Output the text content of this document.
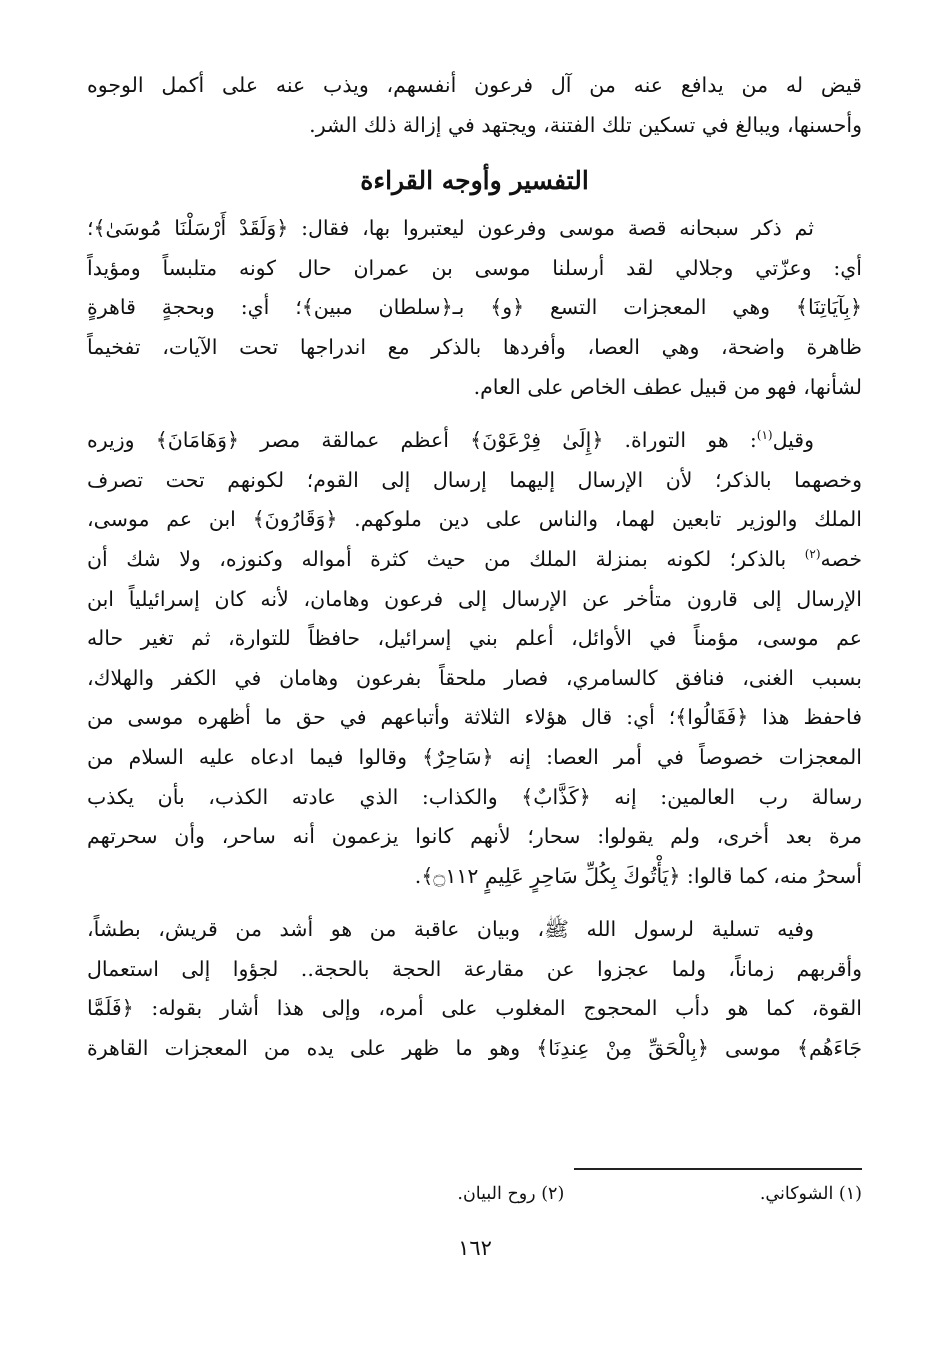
قيض له من يدافع عنه من آل فرعون أنفسهم، ويذب عنه على أكمل الوجوه
وأحسنها، ويبالغ في تسكين تلك الفتنة، ويجتهد في إزالة ذلك الشر.

التفسير وأوجه القراءة

ثم ذكر سبحانه قصة موسى وفرعون ليعتبروا بها، فقال: ﴿وَلَقَدْ أَرْسَلْنَا مُوسَىٰ﴾؛
أي: وعزّتي وجلالي لقد أرسلنا موسى بن عمران حال كونه متلبساً ومؤيداً
﴿بِآيَاتِنَا﴾ وهي المعجزات التسع ﴿و﴾ بـ﴿سلطان مبين﴾؛ أي: وبحجةٍ قاهرةٍ
ظاهرة واضحة، وهي العصا، وأفردها بالذكر مع اندراجها تحت الآيات، تفخيماً
لشأنها، فهو من قبيل عطف الخاص على العام.

وقيل$^{(١)}$: هو التوراة. ﴿إِلَىٰ فِرْعَوْنَ﴾ أعظم عمالقة مصر ﴿وَهَامَانَ﴾ وزيره
وخصهما بالذكر؛ لأن الإرسال إليهما إرسال إلى القوم؛ لكونهم تحت تصرف
الملك والوزير تابعين لهما، والناس على دين ملوكهم. ﴿وَقَارُونَ﴾ ابن عم موسى،
خصه$^{(٢)}$ بالذكر؛ لكونه بمنزلة الملك من حيث كثرة أمواله وكنوزه، ولا شك أن
الإرسال إلى قارون متأخر عن الإرسال إلى فرعون وهامان، لأنه كان إسرائيلياً ابن
عم موسى، مؤمناً في الأوائل، أعلم بني إسرائيل، حافظاً للتوارة، ثم تغير حاله
بسبب الغنى، فنافق كالسامري، فصار ملحقاً بفرعون وهامان في الكفر والهلاك،
فاحفظ هذا ﴿فَقَالُوا﴾؛ أي: قال هؤلاء الثلاثة وأتباعهم في حق ما أظهره موسى من
المعجزات خصوصاً في أمر العصا: إنه ﴿سَاحِرٌ﴾ وقالوا فيما ادعاه عليه السلام من
رسالة رب العالمين: إنه ﴿كَذَّابٌ﴾ والكذاب: الذي عادته الكذب، بأن يكذب
مرة بعد أخرى، ولم يقولوا: سحار؛ لأنهم كانوا يزعمون أنه ساحر، وأن سحرتهم
أسحرُ منه، كما قالوا: ﴿يَأْتُوكَ بِكُلِّ سَاحِرٍ عَلِيمٍ ۝١١٢﴾.

وفيه تسلية لرسول الله ﷺ، وبيان عاقبة من هو أشد من قريش، بطشاً،
وأقربهم زماناً، ولما عجزوا عن مقارعة الحجة بالحجة.. لجؤوا إلى استعمال
القوة، كما هو دأب المحجوج المغلوب على أمره، وإلى هذا أشار بقوله: ﴿فَلَمَّا
جَاءَهُم﴾ موسى ﴿بِالْحَقِّ مِنْ عِندِنَا﴾ وهو ما ظهر على يده من المعجزات القاهرة

(١) الشوكاني. (٢) روح البيان.
١٦٢
